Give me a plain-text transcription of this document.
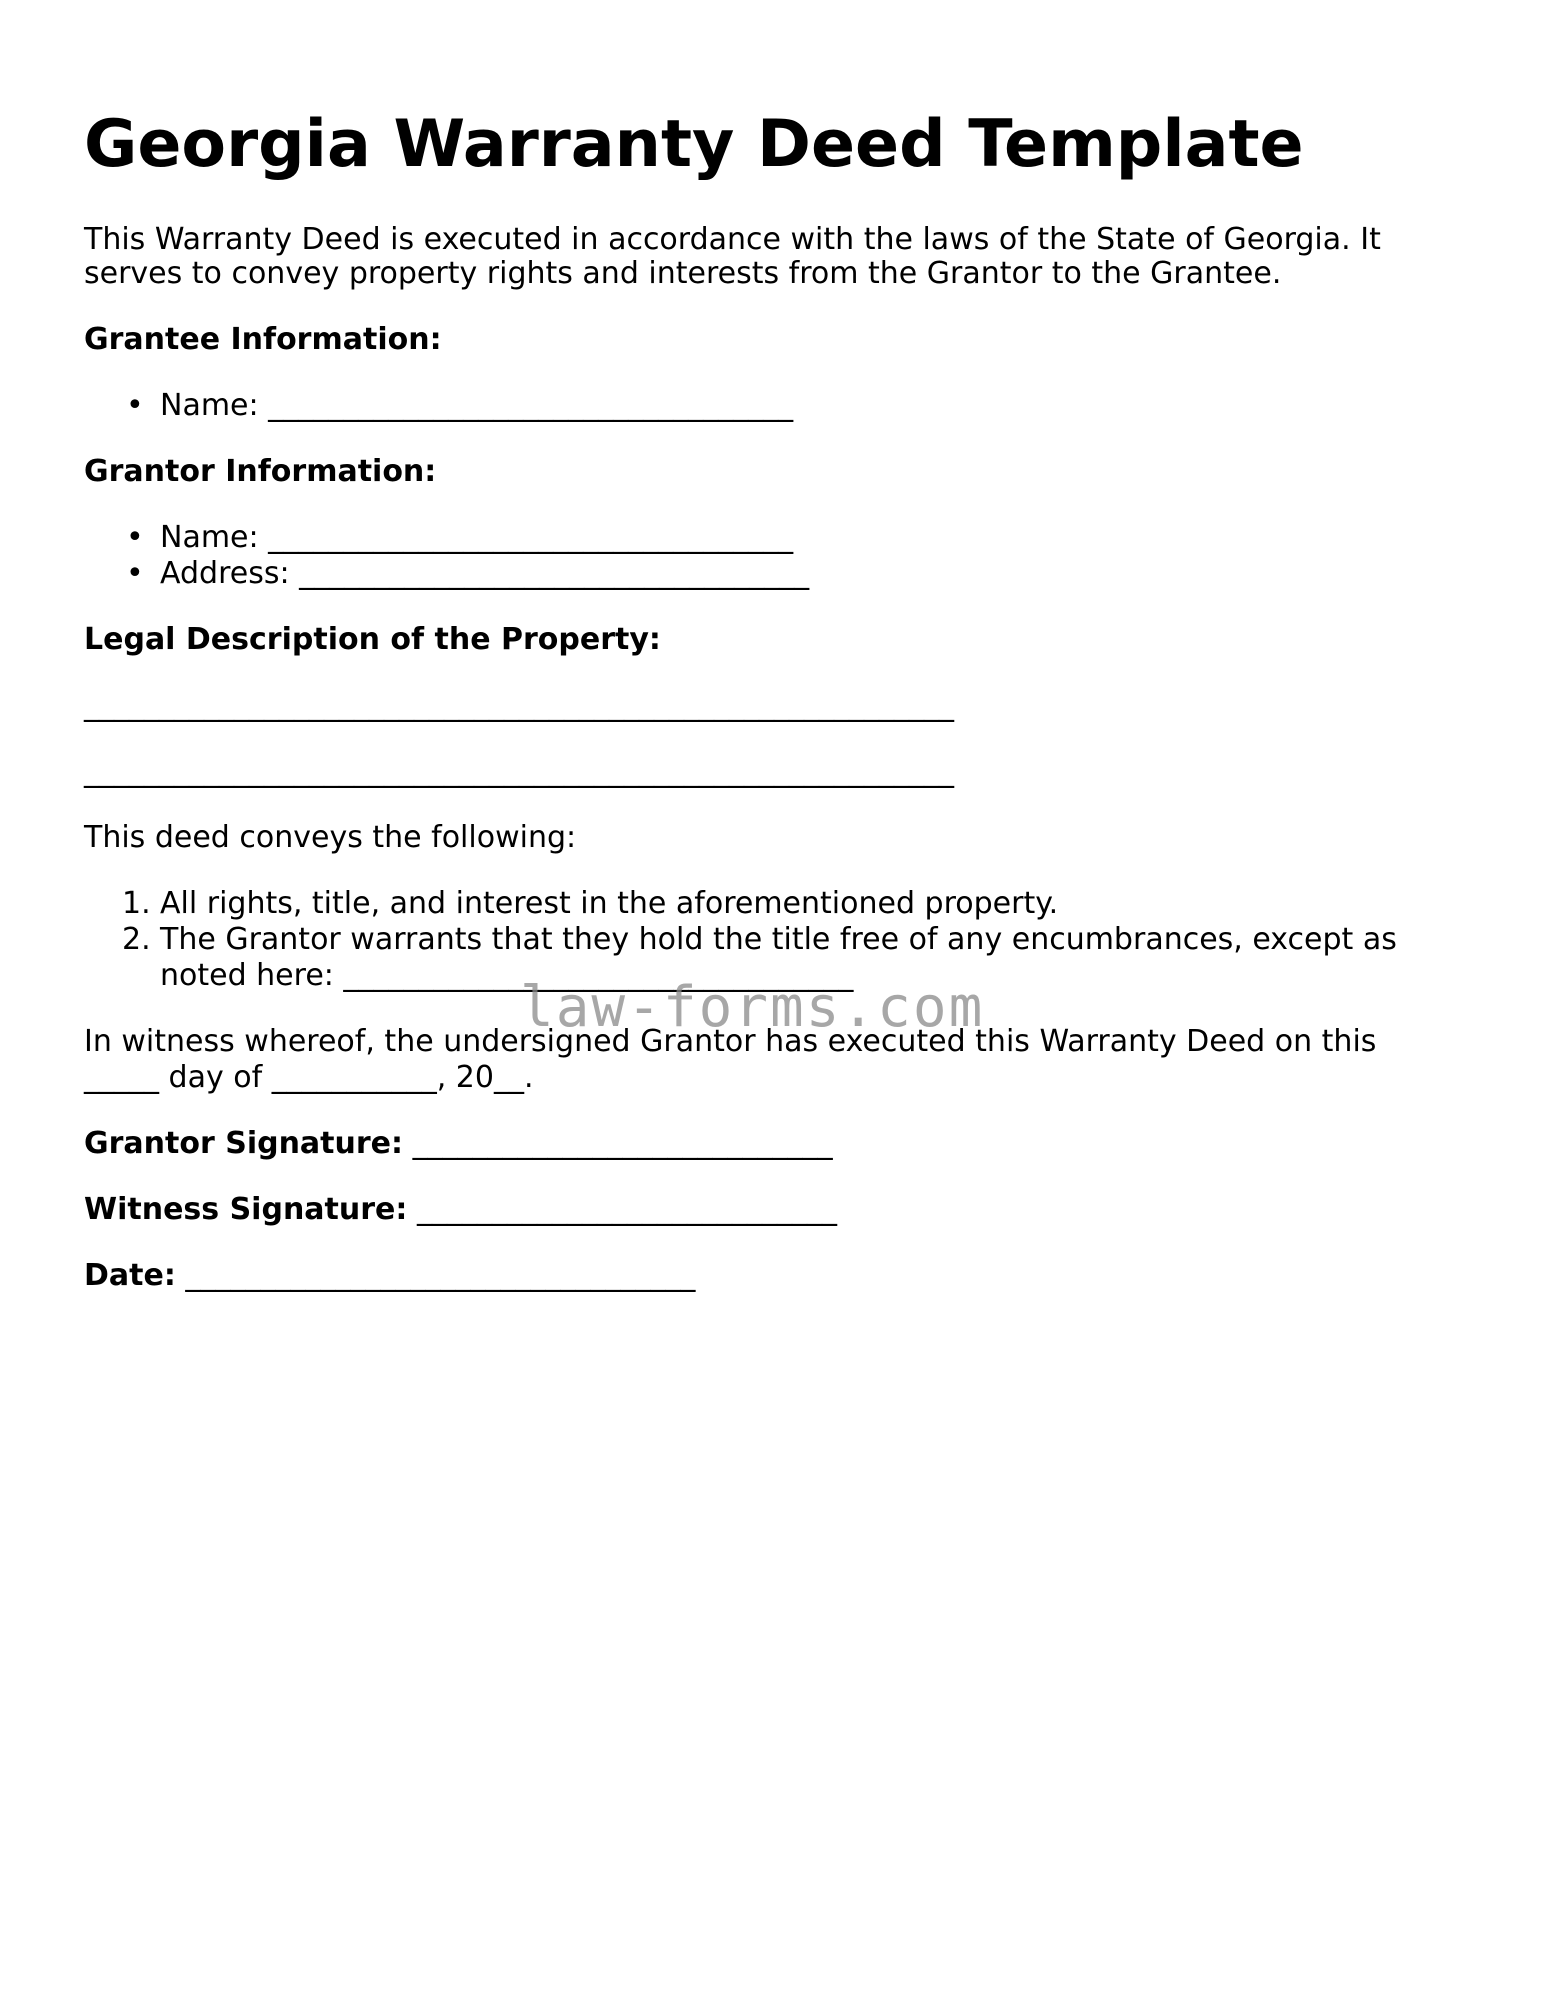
Georgia Warranty Deed Template

This Warranty Deed is executed in accordance with the laws of the State of Georgia. It

serves to convey property rights and interests from the Grantor to the Grantee.

Grantee Information:

• Name: ___________________________________

Grantor Information:

• Name: ___________________________________
• Address: __________________________________

Legal Description of the Property:

__________________________________________________________

__________________________________________________________

This deed conveys the following:

1. All rights, title, and interest in the aforementioned property.
2. The Grantor warrants that they hold the title free of any encumbrances, except as
noted here: __________________________________

In witness whereof, the undersigned Grantor has executed this Warranty Deed on this

_____ day of ___________, 20__.

Grantor Signature: ____________________________

Witness Signature: ____________________________

Date: __________________________________

law-forms.com
